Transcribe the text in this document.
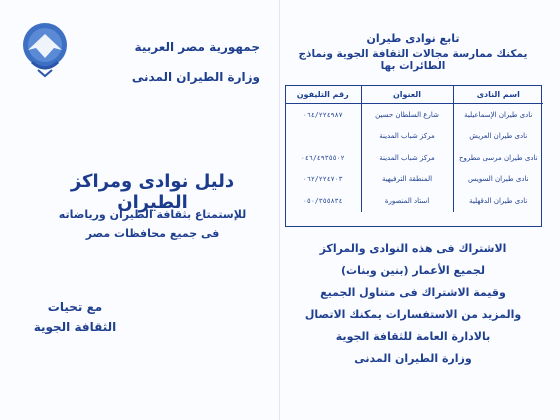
جمهورية مصر العربية
وزارة الطيران المدنى
دليل نوادى ومراكز الطيران
للإستمتاع بثقافة الطيران ورياضاته
فى جميع محافظات مصر
مع تحيات
الثقافة الجوية
تابع نوادى طيران
يمكنك ممارسة مجالات الثقافة الجوية ونماذج الطائرات بها
اسم النادى	العنوان	رقم التليفون
نادى طيران الإسماعيلية	شارع السلطان حسين	٠٦٤/٢٢٤٩٨٧
نادى طيران العريش	مركز شباب المدينة	
نادى طيران مرسى مطروح	مركز شباب المدينة	٠٤٦/٤٩٣٥٥٠٢
نادى طيران السويس	المنطقة الترفيهية	٠٦٢/٢٢٤٧٠٣
نادى طيران الدقهلية	استاد المنصورة	٠٥٠/٣٥٥٨٣٤
الاشتراك فى هذه النوادى والمراكز
لجميع الأعمار (بنين وبنات)
وقيمة الاشتراك فى متناول الجميع
والمزيد من الاستفسارات يمكنك الاتصال
بالادارة العامة للثقافة الجوية
وزارة الطيران المدنى
